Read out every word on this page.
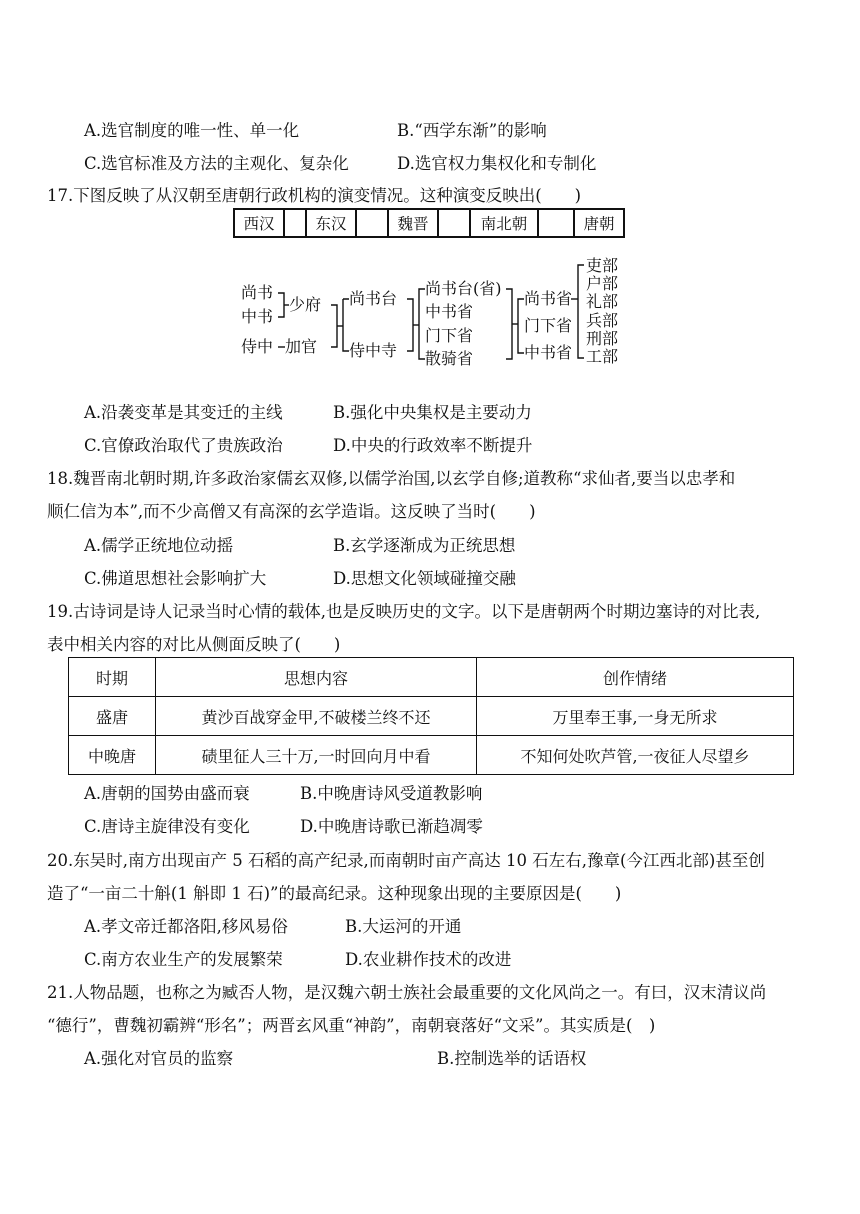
A.选官制度的唯一性、单一化	B.“西学东渐”的影响
C.选官标准及方法的主观化、复杂化	D.选官权力集权化和专制化
17.下图反映了从汉朝至唐朝行政机构的演变情况。这种演变反映出(　　)
西汉		东汉		魏晋		南北朝		唐朝
尚书
中书
侍中
少府
加官
尚书台
侍中寺
尚书台(省)
中书省
门下省
散骑省
尚书省
门下省
中书省
吏部
户部
礼部
兵部
刑部
工部
A.沿袭变革是其变迁的主线	B.强化中央集权是主要动力
C.官僚政治取代了贵族政治	D.中央的行政效率不断提升
18.魏晋南北朝时期,许多政治家儒玄双修,以儒学治国,以玄学自修;道教称“求仙者,要当以忠孝和
顺仁信为本”,而不少高僧又有高深的玄学造诣。这反映了当时(　　)
A.儒学正统地位动摇	B.玄学逐渐成为正统思想
C.佛道思想社会影响扩大	D.思想文化领域碰撞交融
19.古诗词是诗人记录当时心情的载体,也是反映历史的文字。以下是唐朝两个时期边塞诗的对比表,
表中相关内容的对比从侧面反映了(　　)
时期	思想内容	创作情绪
盛唐	黄沙百战穿金甲,不破楼兰终不还	万里奉王事,一身无所求
中晚唐	碛里征人三十万,一时回向月中看	不知何处吹芦管,一夜征人尽望乡
A.唐朝的国势由盛而衰	B.中晚唐诗风受道教影响
C.唐诗主旋律没有变化	D.中晚唐诗歌已渐趋凋零
20.东吴时,南方出现亩产 5 石稻的高产纪录,而南朝时亩产高达 10 石左右,豫章(今江西北部)甚至创
造了“一亩二十斛(1 斛即 1 石)”的最高纪录。这种现象出现的主要原因是(　　)
A.孝文帝迁都洛阳,移风易俗	B.大运河的开通
C.南方农业生产的发展繁荣	D.农业耕作技术的改进
21.人物品题，也称之为臧否人物，是汉魏六朝士族社会最重要的文化风尚之一。有曰，汉末清议尚
“德行”，曹魏初霸辨“形名”；两晋玄风重“神韵”，南朝衰落好“文采”。其实质是(　)
A.强化对官员的监察	B.控制选举的话语权
